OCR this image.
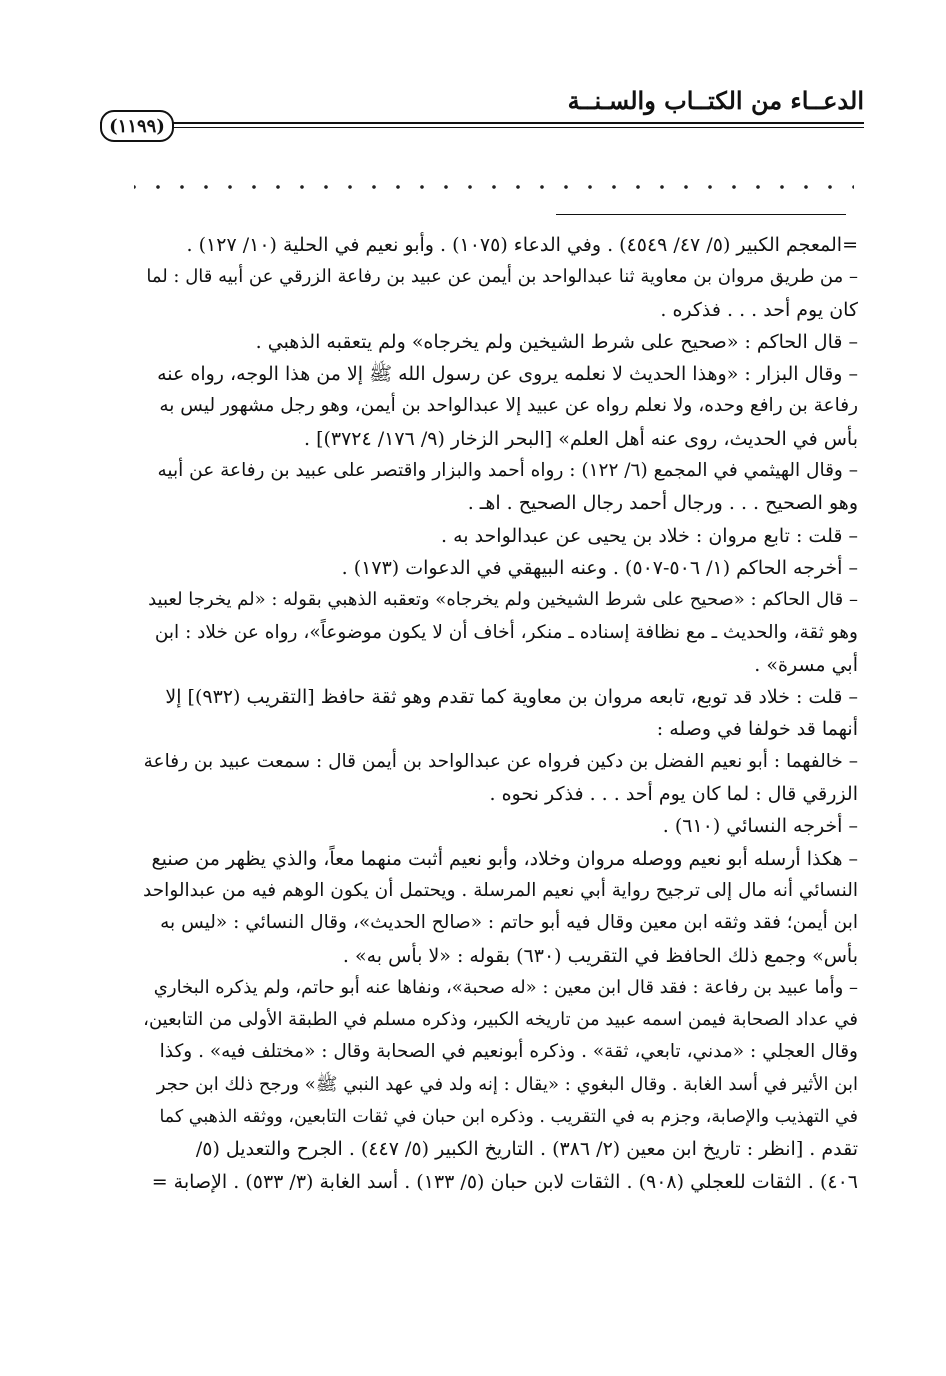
الدعــاء من الكتــاب والسـنــة
(١١٩٩)
=المعجم الكبير (٥/ ٤٧/ ٤٥٤٩) . وفي الدعاء (١٠٧٥) . وأبو نعيم في الحلية (١٠/ ١٢٧) .
– من طريق مروان بن معاوية ثنا عبدالواحد بن أيمن عن عبيد بن رفاعة الزرقي عن أبيه قال : لما
كان يوم أحد . . . فذكره .
– قال الحاكم : «صحيح على شرط الشيخين ولم يخرجاه» ولم يتعقبه الذهبي .
– وقال البزار : «وهذا الحديث لا نعلمه يروى عن رسول الله ﷺ إلا من هذا الوجه، رواه عنه
رفاعة بن رافع وحده، ولا نعلم رواه عن عبيد إلا عبدالواحد بن أيمن، وهو رجل مشهور ليس به
بأس في الحديث، روى عنه أهل العلم» [البحر الزخار (٩/ ١٧٦/ ٣٧٢٤)] .
– وقال الهيثمي في المجمع (٦/ ١٢٢) : رواه أحمد والبزار واقتصر على عبيد بن رفاعة عن أبيه
وهو الصحيح . . . ورجال أحمد رجال الصحيح . اهـ .
– قلت : تابع مروان : خلاد بن يحيى عن عبدالواحد به .
– أخرجه الحاكم (١/ ٥٠٦-٥٠٧) . وعنه البيهقي في الدعوات (١٧٣) .
– قال الحاكم : «صحيح على شرط الشيخين ولم يخرجاه» وتعقبه الذهبي بقوله : «لم يخرجا لعبيد
وهو ثقة، والحديث ـ مع نظافة إسناده ـ منكر، أخاف أن لا يكون موضوعاً»، رواه عن خلاد : ابن
أبي مسرة» .
– قلت : خلاد قد توبع، تابعه مروان بن معاوية كما تقدم وهو ثقة حافظ [التقريب (٩٣٢)] إلا
أنهما قد خولفا في وصله :
– خالفهما : أبو نعيم الفضل بن دكين فرواه عن عبدالواحد بن أيمن قال : سمعت عبيد بن رفاعة
الزرقي قال : لما كان يوم أحد . . . فذكر نحوه .
– أخرجه النسائي (٦١٠) .
– هكذا أرسله أبو نعيم ووصله مروان وخلاد، وأبو نعيم أثبت منهما معاً، والذي يظهر من صنيع
النسائي أنه مال إلى ترجيح رواية أبي نعيم المرسلة . ويحتمل أن يكون الوهم فيه من عبدالواحد
ابن أيمن؛ فقد وثقه ابن معين وقال فيه أبو حاتم : «صالح الحديث»، وقال النسائي : «ليس به
بأس» وجمع ذلك الحافظ في التقريب (٦٣٠) بقوله : «لا بأس به» .
– وأما عبيد بن رفاعة : فقد قال ابن معين : «له صحبة»، ونفاها عنه أبو حاتم، ولم يذكره البخاري
في عداد الصحابة فيمن اسمه عبيد من تاريخه الكبير، وذكره مسلم في الطبقة الأولى من التابعين،
وقال العجلي : «مدني، تابعي، ثقة» . وذكره أبونعيم في الصحابة وقال : «مختلف فيه» . وكذا
ابن الأثير في أسد الغابة . وقال البغوي : «يقال : إنه ولد في عهد النبي ﷺ» ورجح ذلك ابن حجر
في التهذيب والإصابة، وجزم به في التقريب . وذكره ابن حبان في ثقات التابعين، ووثقه الذهبي كما
تقدم . [انظر : تاريخ ابن معين (٢/ ٣٨٦) . التاريخ الكبير (٥/ ٤٤٧) . الجرح والتعديل (٥/
٤٠٦) . الثقات للعجلي (٩٠٨) . الثقات لابن حبان (٥/ ١٣٣) . أسد الغابة (٣/ ٥٣٣) . الإصابة =
